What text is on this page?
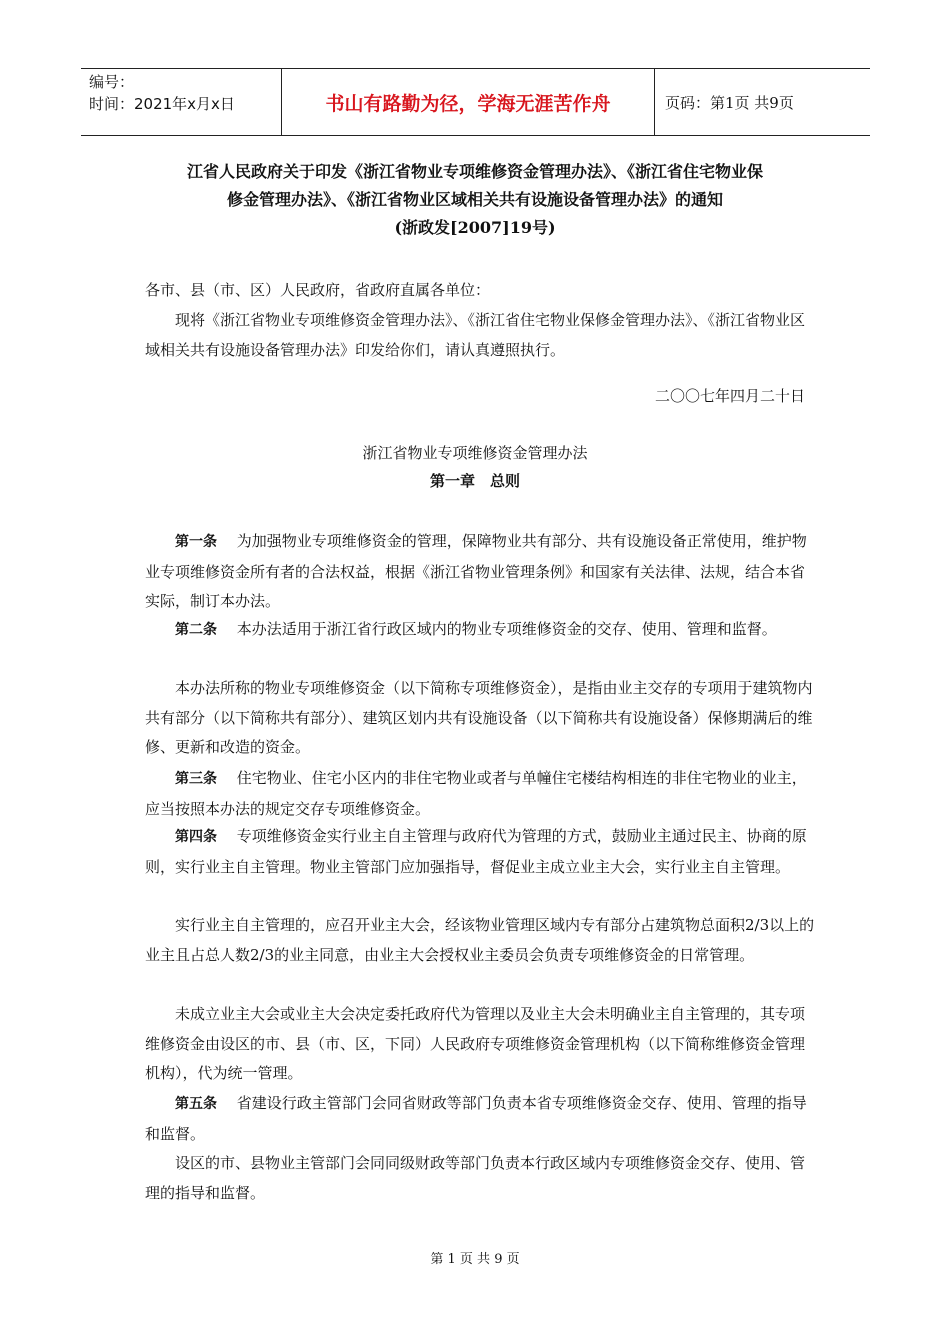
编号：
时间：2021年x月x日	书山有路勤为径，学海无涯苦作舟	页码：第1页 共9页
江省人民政府关于印发《浙江省物业专项维修资金管理办法》、《浙江省住宅物业保
修金管理办法》、《浙江省物业区域相关共有设施设备管理办法》的通知
(浙政发[2007]19号)
各市、县（市、区）人民政府，省政府直属各单位：
现将《浙江省物业专项维修资金管理办法》、《浙江省住宅物业保修金管理办法》、《浙江省物业区域相关共有设施设备管理办法》印发给你们，请认真遵照执行。
二〇〇七年四月二十日
浙江省物业专项维修资金管理办法
第一章　总则
第一条　 为加强物业专项维修资金的管理，保障物业共有部分、共有设施设备正常使用，维护物业专项维修资金所有者的合法权益，根据《浙江省物业管理条例》和国家有关法律、法规，结合本省实际，制订本办法。
第二条　 本办法适用于浙江省行政区域内的物业专项维修资金的交存、使用、管理和监督。
本办法所称的物业专项维修资金（以下简称专项维修资金），是指由业主交存的专项用于建筑物内共有部分（以下简称共有部分）、建筑区划内共有设施设备（以下简称共有设施设备）保修期满后的维修、更新和改造的资金。
第三条　 住宅物业、住宅小区内的非住宅物业或者与单幢住宅楼结构相连的非住宅物业的业主，应当按照本办法的规定交存专项维修资金。
第四条　 专项维修资金实行业主自主管理与政府代为管理的方式，鼓励业主通过民主、协商的原则，实行业主自主管理。物业主管部门应加强指导，督促业主成立业主大会，实行业主自主管理。
实行业主自主管理的，应召开业主大会，经该物业管理区域内专有部分占建筑物总面积2/3以上的业主且占总人数2/3的业主同意，由业主大会授权业主委员会负责专项维修资金的日常管理。
未成立业主大会或业主大会决定委托政府代为管理以及业主大会未明确业主自主管理的，其专项维修资金由设区的市、县（市、区，下同）人民政府专项维修资金管理机构（以下简称维修资金管理机构），代为统一管理。
第五条　 省建设行政主管部门会同省财政等部门负责本省专项维修资金交存、使用、管理的指导和监督。
设区的市、县物业主管部门会同同级财政等部门负责本行政区域内专项维修资金交存、使用、管理的指导和监督。
第 1 页 共 9 页
